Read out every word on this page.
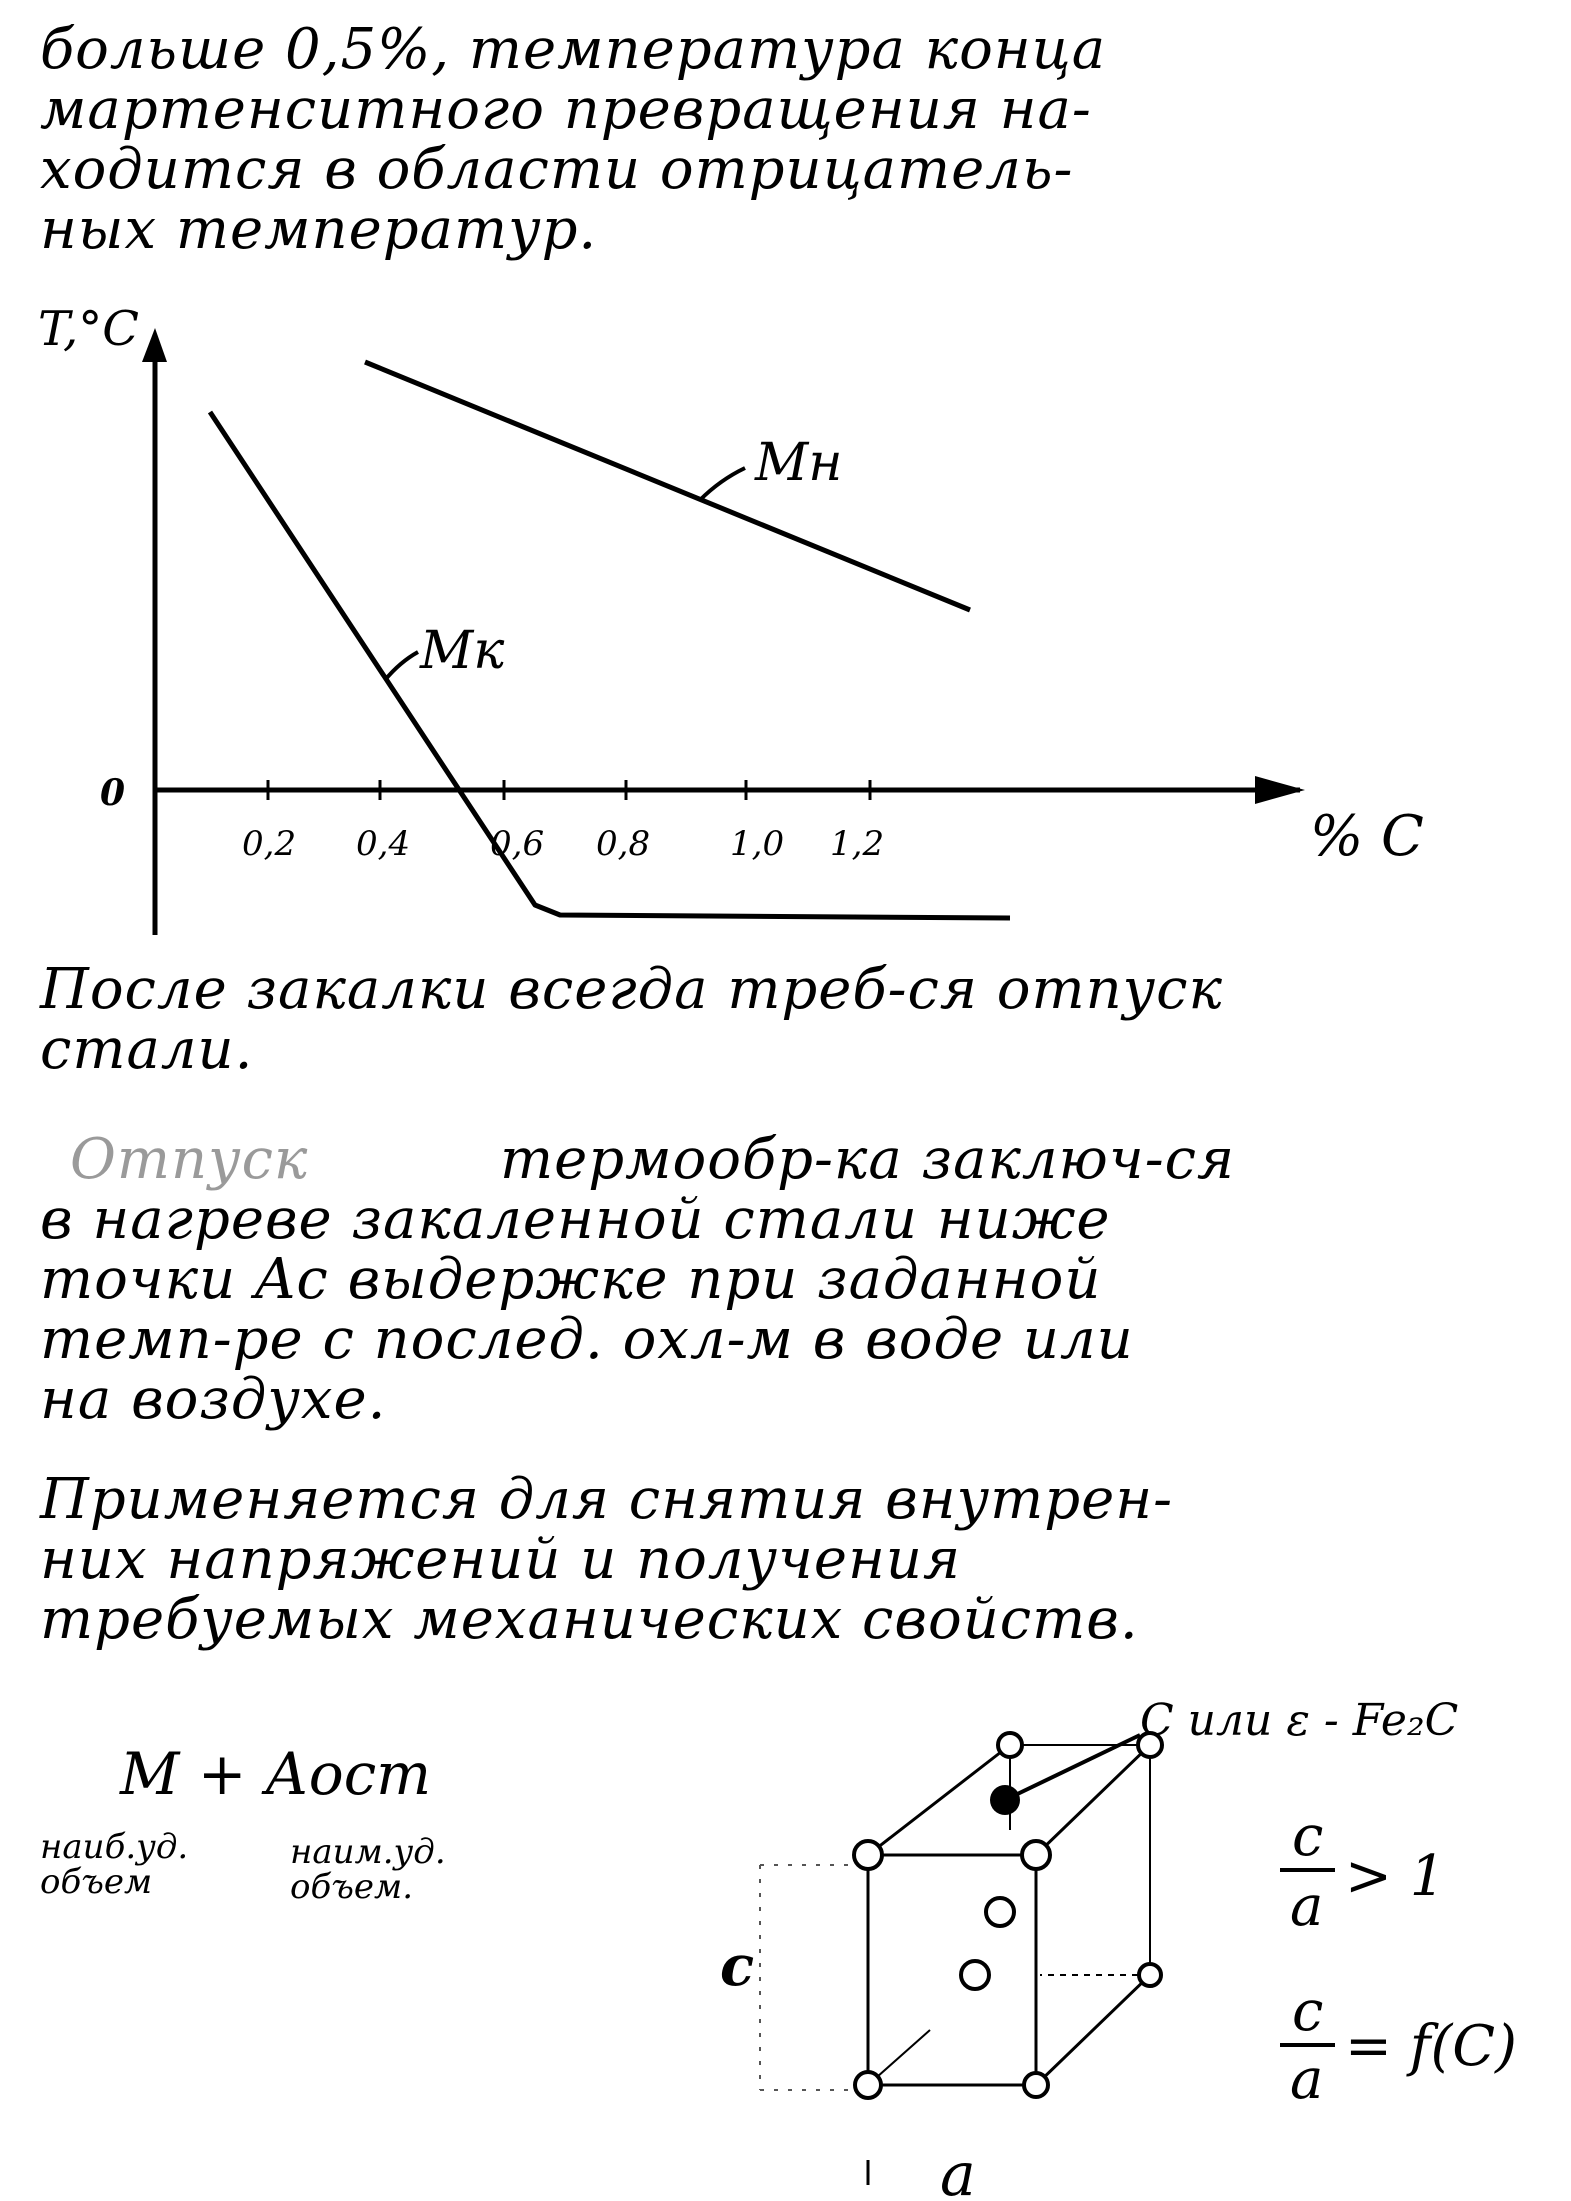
больше 0,5%, температура конца
мартенситного превращения на-
ходится в области отрицатель-
ных температур.
T,°C
% C
0
0,2 0,4 0,6 0,8 1,0 1,2
Мн
Мк
После закалки всегда треб-ся отпуск
стали.
Отпуск	термообр-ка заключ-ся
в нагреве закаленной стали ниже
точки Ac выдержке при заданной
темп-ре с послед. охл-м в воде или
на воздухе.
Применяется для снятия внутрен-
них напряжений и получения
требуемых механических свойств.
М + Аост
наиб.уд.
объем
наим.уд.
объем.
С или ε - Fe₂C
c
a
c
a > 1
c
a
= f(C)
